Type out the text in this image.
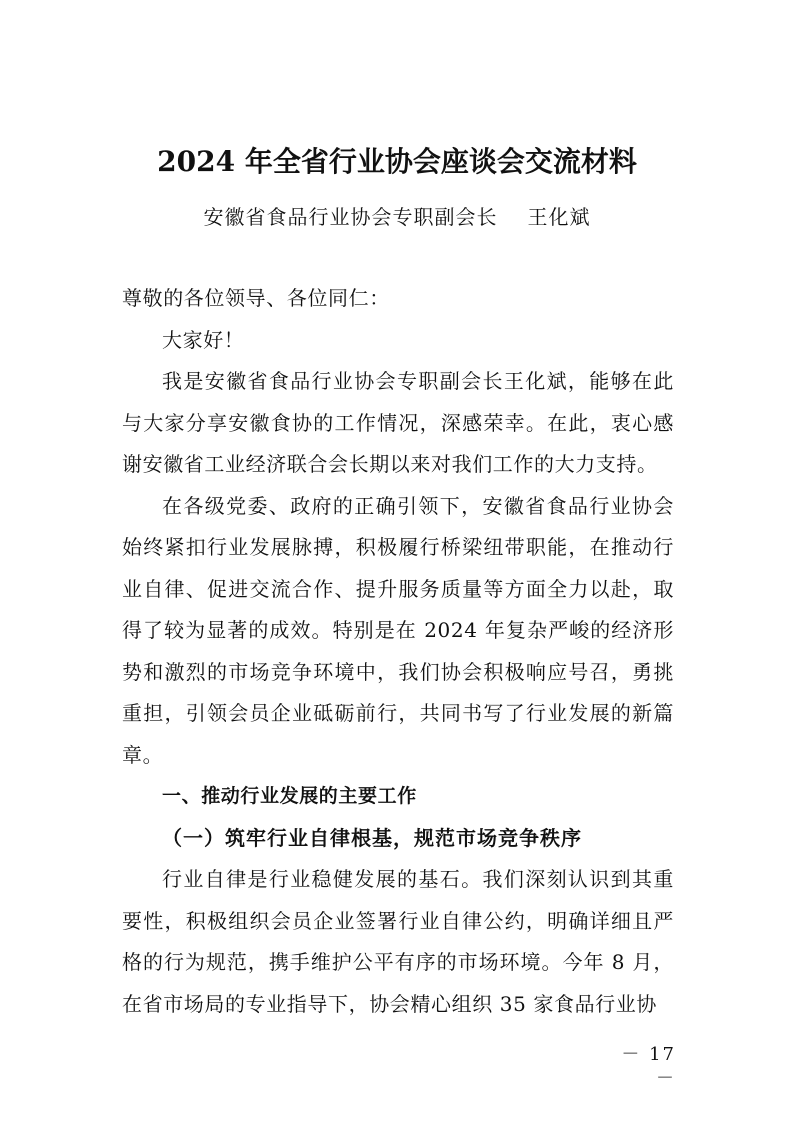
2024 年全省行业协会座谈会交流材料

安徽省食品行业协会专职副会长 王化斌

尊敬的各位领导、各位同仁：

大家好！

我是安徽省食品行业协会专职副会长王化斌，能够在此与大家分享安徽食协的工作情况，深感荣幸。在此，衷心感谢安徽省工业经济联合会长期以来对我们工作的大力支持。

在各级党委、政府的正确引领下，安徽省食品行业协会始终紧扣行业发展脉搏，积极履行桥梁纽带职能，在推动行业自律、促进交流合作、提升服务质量等方面全力以赴，取得了较为显著的成效。特别是在 2024 年复杂严峻的经济形势和激烈的市场竞争环境中，我们协会积极响应号召，勇挑重担，引领会员企业砥砺前行，共同书写了行业发展的新篇章。

一、推动行业发展的主要工作

（一）筑牢行业自律根基，规范市场竞争秩序

行业自律是行业稳健发展的基石。我们深刻认识到其重要性，积极组织会员企业签署行业自律公约，明确详细且严格的行为规范，携手维护公平有序的市场环境。今年 8 月，在省市场局的专业指导下，协会精心组织 35 家食品行业协

－ 17 －
